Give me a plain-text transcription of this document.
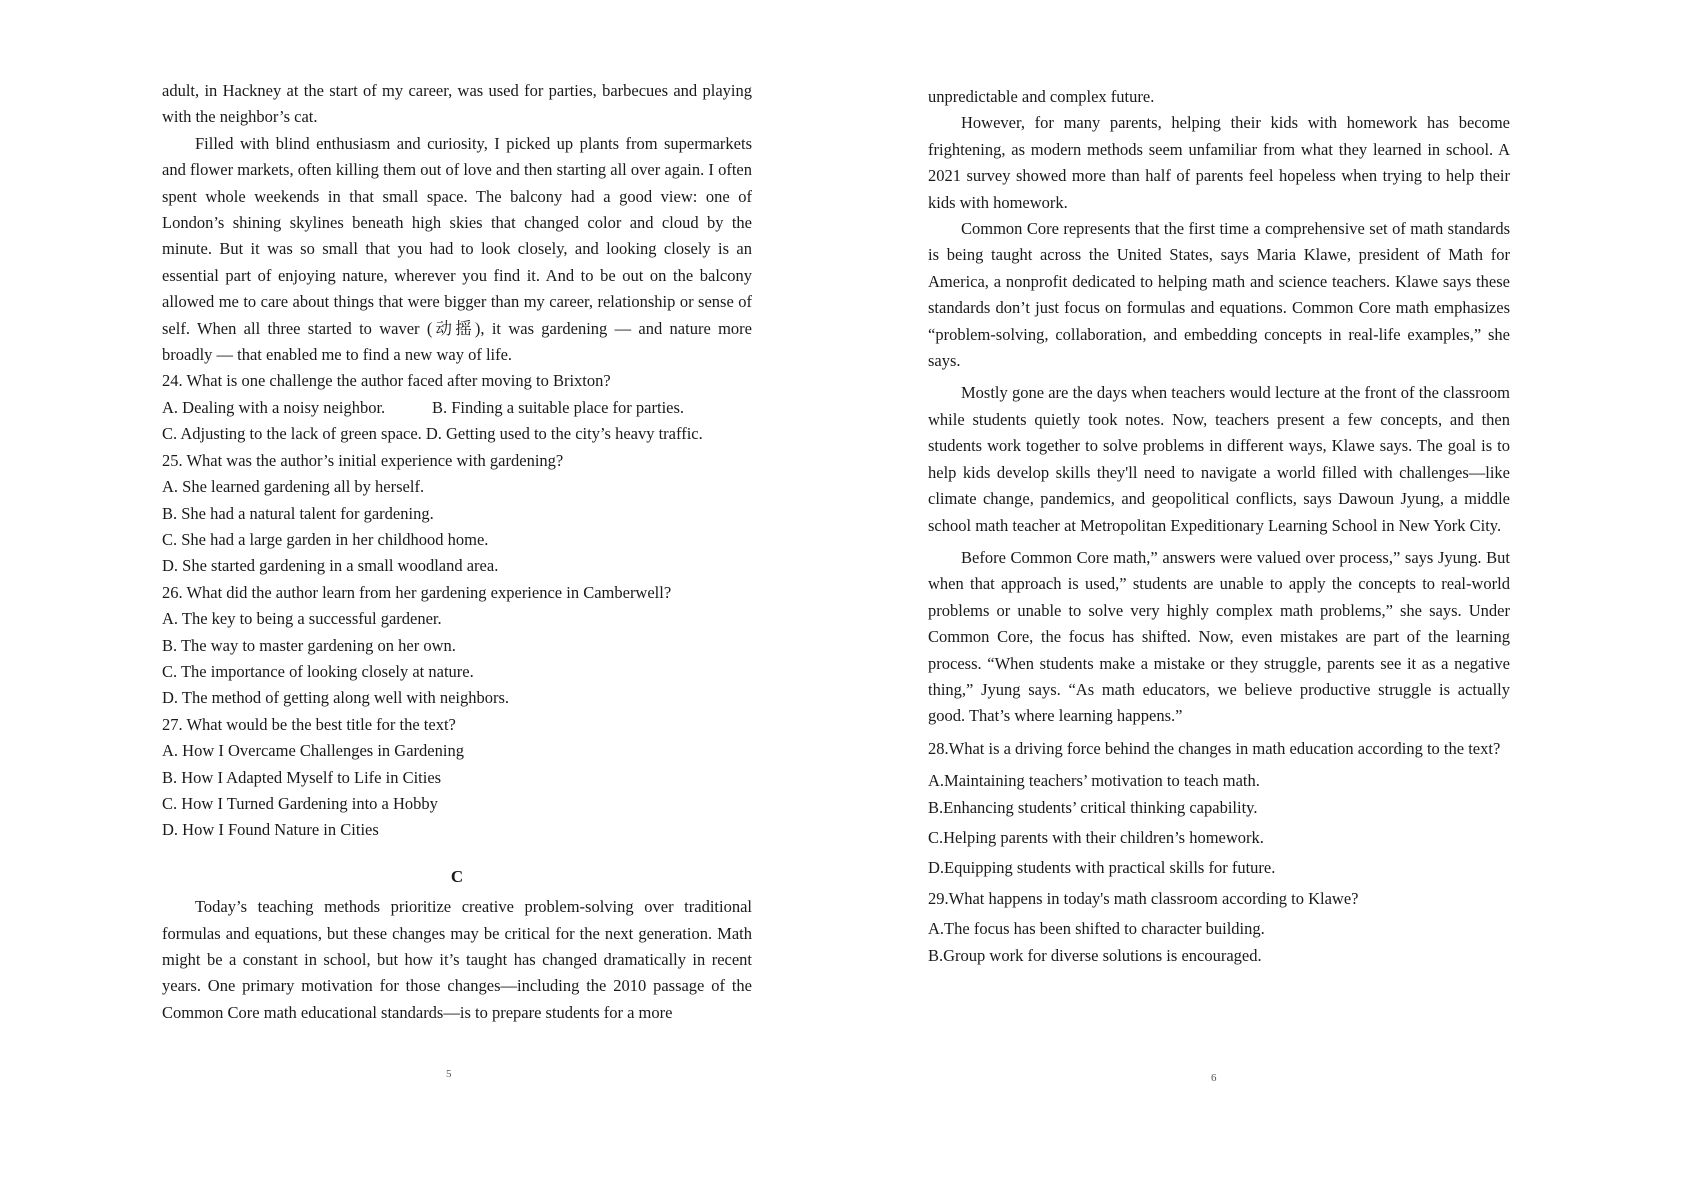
adult, in Hackney at the start of my career, was used for parties, barbecues and playing with the neighbor’s cat.

Filled with blind enthusiasm and curiosity, I picked up plants from supermarkets and flower markets, often killing them out of love and then starting all over again. I often spent whole weekends in that small space. The balcony had a good view: one of London’s shining skylines beneath high skies that changed color and cloud by the minute. But it was so small that you had to look closely, and looking closely is an essential part of enjoying nature, wherever you find it. And to be out on the balcony allowed me to care about things that were bigger than my career, relationship or sense of self. When all three started to waver (动摇), it was gardening — and nature more broadly — that enabled me to find a new way of life.

24. What is one challenge the author faced after moving to Brixton?

A. Dealing with a noisy neighbor.	B. Finding a suitable place for parties.
C. Adjusting to the lack of green space. D. Getting used to the city’s heavy traffic.

25. What was the author’s initial experience with gardening?

A. She learned gardening all by herself.

B. She had a natural talent for gardening.

C. She had a large garden in her childhood home.

D. She started gardening in a small woodland area.

26. What did the author learn from her gardening experience in Camberwell?

A. The key to being a successful gardener.

B. The way to master gardening on her own.

C. The importance of looking closely at nature.

D. The method of getting along well with neighbors.

27. What would be the best title for the text?

A. How I Overcame Challenges in Gardening

B. How I Adapted Myself to Life in Cities

C. How I Turned Gardening into a Hobby

D. How I Found Nature in Cities

C

Today’s teaching methods prioritize creative problem-solving over traditional formulas and equations, but these changes may be critical for the next generation. Math might be a constant in school, but how it’s taught has changed dramatically in recent years. One primary motivation for those changes—including the 2010 passage of the Common Core math educational standards—is to prepare students for a more

unpredictable and complex future.

However, for many parents, helping their kids with homework has become frightening, as modern methods seem unfamiliar from what they learned in school. A 2021 survey showed more than half of parents feel hopeless when trying to help their kids with homework.

Common Core represents that the first time a comprehensive set of math standards is being taught across the United States, says Maria Klawe, president of Math for America, a nonprofit dedicated to helping math and science teachers. Klawe says these standards don’t just focus on formulas and equations. Common Core math emphasizes “problem-solving, collaboration, and embedding concepts in real-life examples,” she says.

Mostly gone are the days when teachers would lecture at the front of the classroom while students quietly took notes. Now, teachers present a few concepts, and then students work together to solve problems in different ways, Klawe says. The goal is to help kids develop skills they'll need to navigate a world filled with challenges—like climate change, pandemics, and geopolitical conflicts, says Dawoun Jyung, a middle school math teacher at Metropolitan Expeditionary Learning School in New York City.

Before Common Core math,” answers were valued over process,” says Jyung. But when that approach is used,” students are unable to apply the concepts to real-world problems or unable to solve very highly complex math problems,” she says. Under Common Core, the focus has shifted. Now, even mistakes are part of the learning process. “When students make a mistake or they struggle, parents see it as a negative thing,” Jyung says. “As math educators, we believe productive struggle is actually good. That’s where learning happens.”

28.What is a driving force behind the changes in math education according to the text?

A.Maintaining teachers’ motivation to teach math.

B.Enhancing students’ critical thinking capability.

C.Helping parents with their children’s homework.

D.Equipping students with practical skills for future.

29.What happens in today's math classroom according to Klawe?

A.The focus has been shifted to character building.

B.Group work for diverse solutions is encouraged.

5	6
